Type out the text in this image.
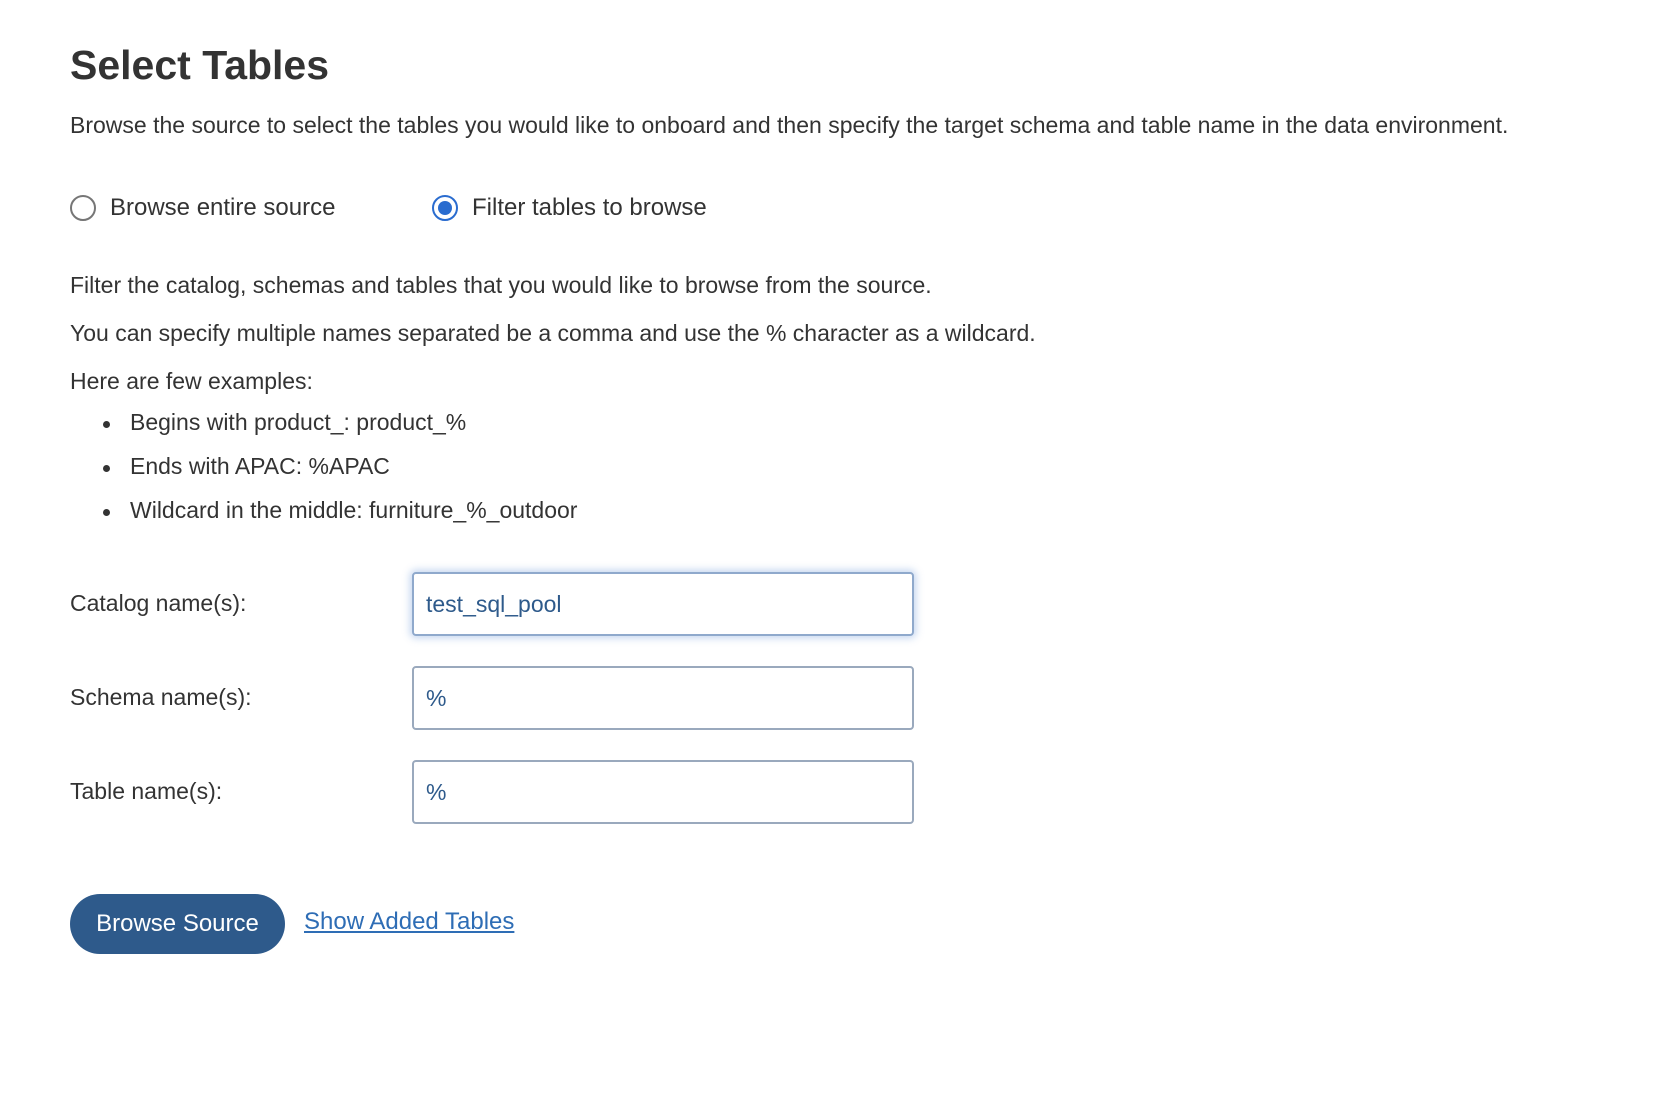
Select Tables

Browse the source to select the tables you would like to onboard and then specify the target schema and table name in the data environment.

Browse entire source	Filter tables to browse

Filter the catalog, schemas and tables that you would like to browse from the source.

You can specify multiple names separated be a comma and use the % character as a wildcard.

Here are few examples:

Begins with product_: product_%
Ends with APAC: %APAC
Wildcard in the middle: furniture_%_outdoor
Catalog name(s):
test_sql_pool
Schema name(s):
%
Table name(s):
%
Browse Source	Show Added Tables
